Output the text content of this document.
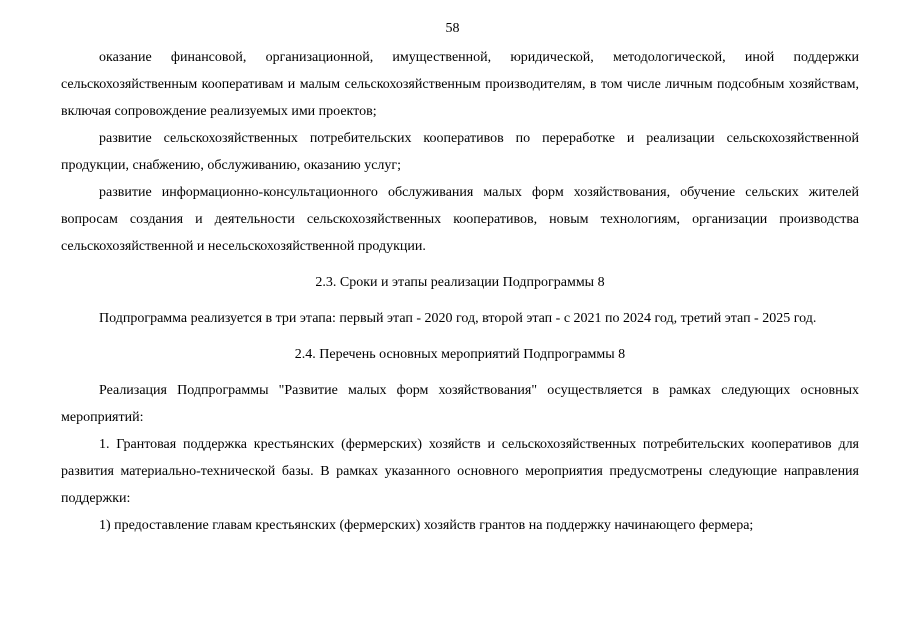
58

оказание финансовой, организационной, имущественной, юридической, методологической, иной поддержки сельскохозяйственным кооперативам и малым сельскохозяйственным производителям, в том числе личным подсобным хозяйствам, включая сопровождение реализуемых ими проектов;

развитие сельскохозяйственных потребительских кооперативов по переработке и реализации сельскохозяйственной продукции, снабжению, обслуживанию, оказанию услуг;

развитие информационно-консультационного обслуживания малых форм хозяйствования, обучение сельских жителей вопросам создания и деятельности сельскохозяйственных кооперативов, новым технологиям, организации производства сельскохозяйственной и несельскохозяйственной продукции.

2.3. Сроки и этапы реализации Подпрограммы 8

Подпрограмма реализуется в три этапа: первый этап - 2020 год, второй этап - с 2021 по 2024 год, третий этап - 2025 год.

2.4. Перечень основных мероприятий Подпрограммы 8

Реализация Подпрограммы "Развитие малых форм хозяйствования" осуществляется в рамках следующих основных мероприятий:

1. Грантовая поддержка крестьянских (фермерских) хозяйств и сельскохозяйственных потребительских кооперативов для развития материально-технической базы. В рамках указанного основного мероприятия предусмотрены следующие направления поддержки:

1) предоставление главам крестьянских (фермерских) хозяйств грантов на поддержку начинающего фермера;
